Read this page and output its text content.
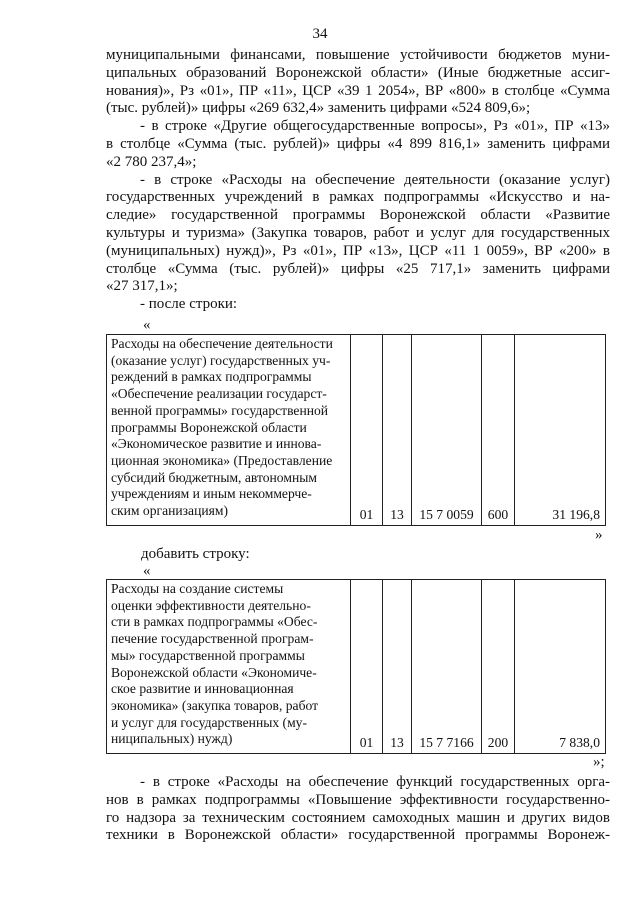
34
муниципальными финансами, повышение устойчивости бюджетов муни-
ципальных образований Воронежской области» (Иные бюджетные ассиг-
нования)», Рз «01», ПР «11», ЦСР «39 1 2054», ВР «800» в столбце «Сумма
(тыс. рублей)» цифры «269 632,4» заменить цифрами «524 809,6»;
- в строке «Другие общегосударственные вопросы», Рз «01», ПР «13»
в столбце «Сумма (тыс. рублей)» цифры «4 899 816,1» заменить цифрами
«2 780 237,4»;
- в строке «Расходы на обеспечение деятельности (оказание услуг)
государственных учреждений в рамках подпрограммы «Искусство и на-
следие» государственной программы Воронежской области «Развитие
культуры и туризма» (Закупка товаров, работ и услуг для государственных
(муниципальных) нужд)», Рз «01», ПР «13», ЦСР «11 1 0059», ВР «200» в
столбце «Сумма (тыс. рублей)» цифры «25 717,1» заменить цифрами
«27 317,1»;
- после строки:
«
Расходы на обеспечение деятельности
(оказание услуг) государственных уч-
реждений в рамках подпрограммы
«Обеспечение реализации государст-
венной программы» государственной
программы Воронежской области
«Экономическое развитие и иннова-
ционная экономика» (Предоставление
субсидий бюджетным, автономным
учреждениям и иным некоммерче-
ским организациям)	01	13	15 7 0059	600	31 196,8
»
добавить строку:
«
Расходы на создание системы
оценки эффективности деятельно-
сти в рамках подпрограммы «Обес-
печение государственной програм-
мы» государственной программы
Воронежской области «Экономиче-
ское развитие и инновационная
экономика» (закупка товаров, работ
и услуг для государственных (му-
ниципальных) нужд)	01	13	15 7 7166	200	7 838,0
»;
- в строке «Расходы на обеспечение функций государственных орга-
нов в рамках подпрограммы «Повышение эффективности государственно-
го надзора за техническим состоянием самоходных машин и других видов
техники в Воронежской области» государственной программы Воронеж-
